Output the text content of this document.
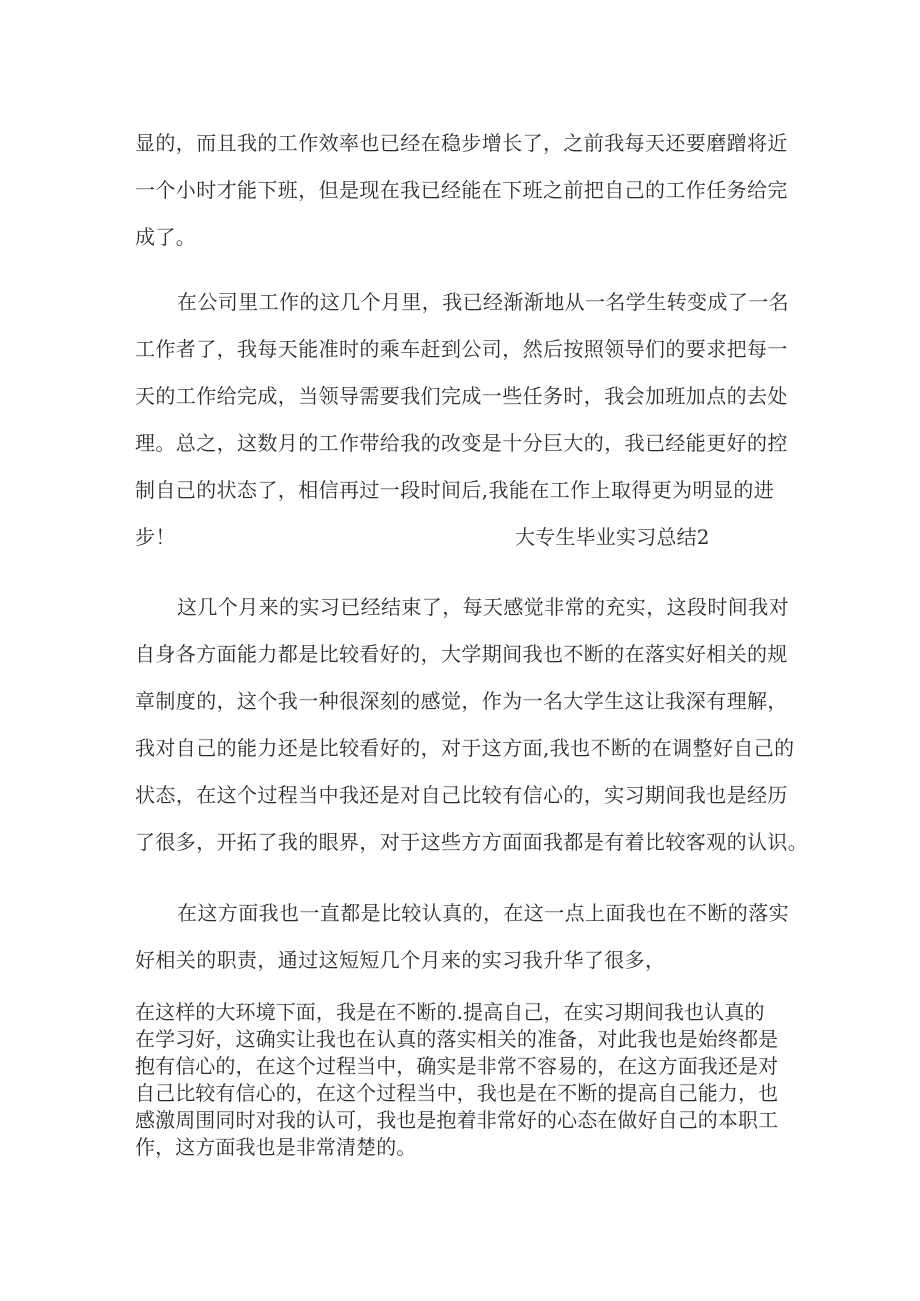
显的，而且我的工作效率也已经在稳步增长了，之前我每天还要磨蹭将近
一个小时才能下班，但是现在我已经能在下班之前把自己的工作任务给完
成了。
在公司里工作的这几个月里，我已经渐渐地从一名学生转变成了一名
工作者了，我每天能准时的乘车赶到公司，然后按照领导们的要求把每一
天的工作给完成，当领导需要我们完成一些任务时，我会加班加点的去处
理。总之，这数月的工作带给我的改变是十分巨大的，我已经能更好的控
制自己的状态了，相信再过一段时间后,我能在工作上取得更为明显的进
步！	大专生毕业实习总结2
这几个月来的实习已经结束了，每天感觉非常的充实，这段时间我对
自身各方面能力都是比较看好的，大学期间我也不断的在落实好相关的规
章制度的，这个我一种很深刻的感觉，作为一名大学生这让我深有理解，
我对自己的能力还是比较看好的，对于这方面,我也不断的在调整好自己的
状态，在这个过程当中我还是对自己比较有信心的，实习期间我也是经历
了很多，开拓了我的眼界，对于这些方方面面我都是有着比较客观的认识。
在这方面我也一直都是比较认真的，在这一点上面我也在不断的落实
好相关的职责，通过这短短几个月来的实习我升华了很多，
在这样的大环境下面，我是在不断的.提高自己，在实习期间我也认真的
在学习好，这确实让我也在认真的落实相关的准备，对此我也是始终都是
抱有信心的，在这个过程当中，确实是非常不容易的，在这方面我还是对
自己比较有信心的，在这个过程当中，我也是在不断的提高自己能力，也
感激周围同时对我的认可，我也是抱着非常好的心态在做好自己的本职工
作，这方面我也是非常清楚的。
